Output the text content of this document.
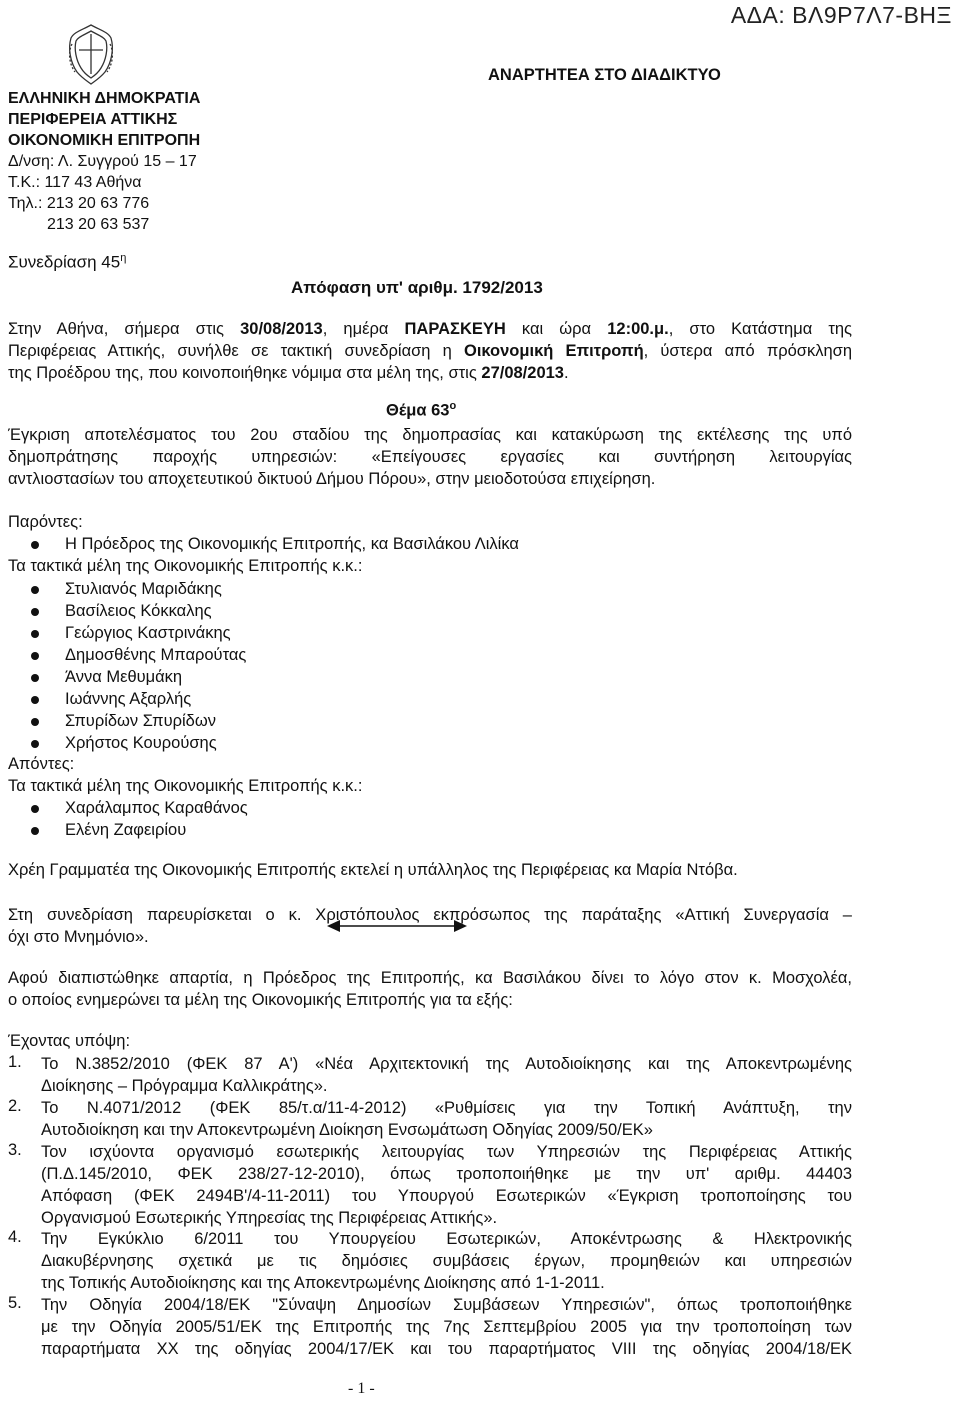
ΑΔΑ: ΒΛ9Ρ7Λ7-ΒΗΞ
ΕΛΛΗΝΙΚΗ ΔΗΜΟΚΡΑΤΙΑ
ΠΕΡΙΦΕΡΕΙΑ ΑΤΤΙΚΗΣ
ΟΙΚΟΝΟΜΙΚΗ ΕΠΙΤΡΟΠΗ
Δ/νση: Λ. Συγγρού 15 – 17
Τ.Κ.: 117 43 Αθήνα
Τηλ.: 213 20 63 776
213 20 63 537
ΑΝΑΡΤΗΤΕΑ ΣΤΟ ΔΙΑΔΙΚΤΥΟ
Συνεδρίαση $45^\eta$
Απόφαση υπ' αριθμ. 1792/2013
Στην Αθήνα, σήμερα στις 30/08/2013, ημέρα ΠΑΡΑΣΚΕΥΗ και ώρα 12:00.μ., στο Κατάστημα της
Περιφέρειας Αττικής, συνήλθε σε τακτική συνεδρίαση η Οικονομική Επιτροπή, ύστερα από πρόσκληση
της Προέδρου της, που κοινοποιήθηκε νόμιμα στα μέλη της, στις 27/08/2013.
Θέμα $63^o$
Έγκριση αποτελέσματος του 2ου σταδίου της δημοπρασίας και κατακύρωση της εκτέλεσης της υπό
δημοπράτησης παροχής υπηρεσιών: «Επείγουσες εργασίες και συντήρηση λειτουργίας
αντλιοστασίων του αποχετευτικού δικτυού Δήμου Πόρου», στην μειοδοτούσα επιχείρηση.
Παρόντες:
Η Πρόεδρος της Οικονομικής Επιτροπής, κα Βασιλάκου Λιλίκα
Τα τακτικά μέλη της Οικονομικής Επιτροπής κ.κ.:
Στυλιανός Μαριδάκης
Βασίλειος Κόκκαλης
Γεώργιος Καστρινάκης
Δημοσθένης Μπαρούτας
Άννα Μεθυμάκη
Ιωάννης Αξαρλής
Σπυρίδων Σπυρίδων
Χρήστος Κουρούσης
Απόντες:
Τα τακτικά μέλη της Οικονομικής Επιτροπής κ.κ.:
Χαράλαμπος Καραθάνος
Ελένη Ζαφειρίου
Χρέη Γραμματέα της Οικονομικής Επιτροπής εκτελεί η υπάλληλος της Περιφέρειας κα Μαρία Ντόβα.
Στη συνεδρίαση παρευρίσκεται ο κ. Χριστόπουλος εκπρόσωπος της παράταξης «Αττική Συνεργασία –
όχι στο Μνημόνιο».
Αφού διαπιστώθηκε απαρτία, η Πρόεδρος της Επιτροπής, κα Βασιλάκου δίνει το λόγο στον κ. Μοσχολέα,
ο οποίος ενημερώνει τα μέλη της Οικονομικής Επιτροπής για τα εξής:
Έχοντας υπόψη:
1. Το Ν.3852/2010 (ΦΕΚ 87 Α') «Νέα Αρχιτεκτονική της Αυτοδιοίκησης και της Αποκεντρωμένης
Διοίκησης – Πρόγραμμα Καλλικράτης».
2. Το Ν.4071/2012 (ΦΕΚ 85/τ.α/11-4-2012) «Ρυθμίσεις για την Τοπική Ανάπτυξη, την
Αυτοδιοίκηση και την Αποκεντρωμένη Διοίκηση Ενσωμάτωση Οδηγίας 2009/50/ΕΚ»
3. Τον ισχύοντα οργανισμό εσωτερικής λειτουργίας των Υπηρεσιών της Περιφέρειας Αττικής
(Π.Δ.145/2010, ΦΕΚ 238/27-12-2010), όπως τροποποιήθηκε με την υπ' αριθμ. 44403
Απόφαση (ΦΕΚ 2494Β'/4-11-2011) του Υπουργού Εσωτερικών «Έγκριση τροποποίησης του
Οργανισμού Εσωτερικής Υπηρεσίας της Περιφέρειας Αττικής».
4. Την Εγκύκλιο 6/2011 του Υπουργείου Εσωτερικών, Αποκέντρωσης & Ηλεκτρονικής
Διακυβέρνησης σχετικά με τις δημόσιες συμβάσεις έργων, προμηθειών και υπηρεσιών
της Τοπικής Αυτοδιοίκησης και της Αποκεντρωμένης Διοίκησης από 1-1-2011.
5. Την Οδηγία 2004/18/ΕΚ "Σύναψη Δημοσίων Συμβάσεων Υπηρεσιών", όπως τροποποιήθηκε
με την Οδηγία 2005/51/ΕΚ της Επιτροπής της 7ης Σεπτεμβρίου 2005 για την τροποποίηση των
παραρτήματα ΧΧ της οδηγίας 2004/17/ΕΚ και του παραρτήματος VIII της οδηγίας 2004/18/ΕΚ
- 1 -
